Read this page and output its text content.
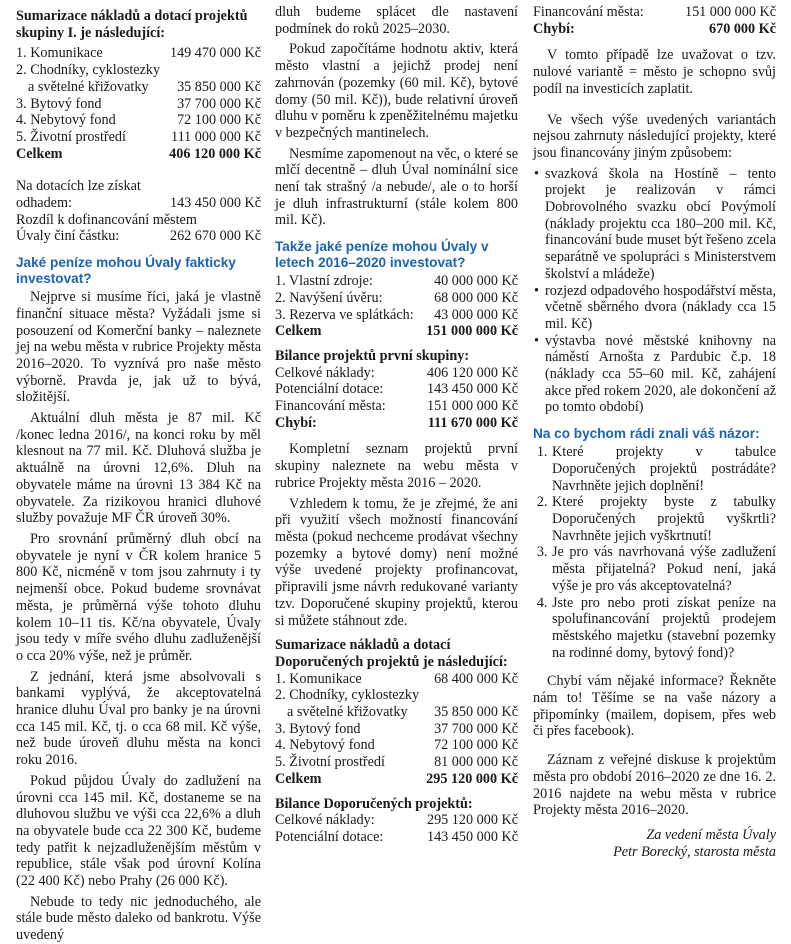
Sumarizace nákladů a dotací projektů skupiny I. je následující:

1. Komunikace	149 470 000 Kč
2. Chodníky, cyklostezky
a světelné křižovatky 35 850 000 Kč
3. Bytový fond	37 700 000 Kč
4. Nebytový fond	72 100 000 Kč
5. Životní prostředí	111 000 000 Kč
Celkem	406 120 000 Kč
Na dotacích lze získat
odhadem:	143 450 000 Kč
Rozdíl k dofinancování městem
Úvaly činí částku:	262 670 000 Kč
Jaké peníze mohou Úvaly fakticky investovat?

Nejprve si musíme říci, jaká je vlastně finanční situace města? Vyžádali jsme si posouzení od Komerční banky – naleznete jej na webu města v rubrice Projekty města 2016–2020. To vyznívá pro naše město výborně. Pravda je, jak už to bývá, složitější.

Aktuální dluh města je 87 mil. Kč /konec ledna 2016/, na konci roku by měl klesnout na 77 mil. Kč. Dluhová služba je aktuálně na úrovni 12,6%. Dluh na obyvatele máme na úrovni 13 384 Kč na obyvatele. Za rizikovou hranici dluhové služby považuje MF ČR úroveň 30%.

Pro srovnání průměrný dluh obcí na obyvatele je nyní v ČR kolem hranice 5 800 Kč, nicméně v tom jsou zahrnuty i ty nejmenší obce. Pokud budeme srovnávat města, je průměrná výše tohoto dluhu kolem 10–11 tis. Kč/na obyvatele, Úvaly jsou tedy v míře svého dluhu zadluženější o cca 20% výše, než je průměr.

Z jednání, která jsme absolvovali s bankami vyplývá, že akceptovatelná hranice dluhu Úval pro banky je na úrovni cca 145 mil. Kč, tj. o cca 68 mil. Kč výše, než bude úroveň dluhu města na konci roku 2016.

Pokud půjdou Úvaly do zadlužení na úrovni cca 145 mil. Kč, dostaneme se na dluhovou službu ve výši cca 22,6% a dluh na obyvatele bude cca 22 300 Kč, budeme tedy patřit k nejzadluženějším městům v republice, stále však pod úrovní Kolína (22 400 Kč) nebo Prahy (26 000 Kč).

Nebude to tedy nic jednoduchého, ale stále bude město daleko od bankrotu. Výše uvedený

dluh budeme splácet dle nastavení podmínek do roků 2025–2030.

Pokud započítáme hodnotu aktiv, která město vlastní a jejichž prodej není zahrnován (pozemky (60 mil. Kč), bytové domy (50 mil. Kč)), bude relativní úroveň dluhu v poměru k zpeněžitelnému majetku v bezpečných mantinelech.

Nesmíme zapomenout na věc, o které se mlčí decentně – dluh Úval nominální sice není tak strašný /a nebude/, ale o to horší je dluh infrastrukturní (stále kolem 800 mil. Kč).

Takže jaké peníze mohou Úvaly v letech 2016–2020 investovat?
1. Vlastní zdroje:	40 000 000 Kč
2. Navýšení úvěru:	68 000 000 Kč
3. Rezerva ve splátkách: 43 000 000 Kč
Celkem	151 000 000 Kč
Bilance projektů první skupiny:
Celkové náklady:	406 120 000 Kč
Potenciální dotace:	143 450 000 Kč
Financování města:	151 000 000 Kč
Chybí:	111 670 000 Kč

Kompletní seznam projektů první skupiny naleznete na webu města v rubrice Projekty města 2016 – 2020.

Vzhledem k tomu, že je zřejmé, že ani při využití všech možností financování města (pokud nechceme prodávat všechny pozemky a bytové domy) není možné výše uvedené projekty profinancovat, připravili jsme návrh redukované varianty tzv. Doporučené skupiny projektů, kterou si můžete stáhnout zde.

Sumarizace nákladů a dotací Doporučených projektů je následující:
1. Komunikace	68 400 000 Kč
2. Chodníky, cyklostezky
a světelné křižovatky 35 850 000 Kč
3. Bytový fond	37 700 000 Kč
4. Nebytový fond	72 100 000 Kč
5. Životní prostředí	81 000 000 Kč
Celkem	295 120 000 Kč
Bilance Doporučených projektů:
Celkové náklady:	295 120 000 Kč
Potenciální dotace:	143 450 000 Kč
Financování města:	151 000 000 Kč
Chybí:	670 000 Kč

V tomto případě lze uvažovat o tzv. nulové variantě = město je schopno svůj podíl na investicích zaplatit.

Ve všech výše uvedených variantách nejsou zahrnuty následující projekty, které jsou financovány jiným způsobem:

• svazková škola na Hostíně – tento projekt je realizován v rámci Dobrovolného svazku obcí Povýmolí (náklady projektu cca 180–200 mil. Kč, financování bude muset být řešeno zcela separátně ve spolupráci s Ministerstvem školství a mládeže)
• rozjezd odpadového hospodářství města, včetně sběrného dvora (náklady cca 15 mil. Kč)
• výstavba nové městské knihovny na náměstí Arnošta z Pardubic č.p. 18 (náklady cca 55–60 mil. Kč, zahájení akce před rokem 2020, ale dokončení až po tomto období)
Na co bychom rádi znali váš názor:
1. Které projekty v tabulce Doporučených projektů postrádáte? Navrhněte jejich doplnění!
2. Které projekty byste z tabulky Doporučených projektů vyškrtli? Navrhněte jejich vyškrtnutí!
3. Je pro vás navrhovaná výše zadlužení města přijatelná? Pokud není, jaká výše je pro vás akceptovatelná?
4. Jste pro nebo proti získat peníze na spolufinancování projektů prodejem městského majetku (stavební pozemky na rodinné domy, bytový fond)?

Chybí vám nějaké informace? Řekněte nám to! Těšíme se na vaše názory a připomínky (mailem, dopisem, přes web či přes facebook).

Záznam z veřejné diskuse k projektům města pro období 2016–2020 ze dne 16. 2. 2016 najdete na webu města v rubrice Projekty města 2016–2020.

Za vedení města Úvaly
Petr Borecký, starosta města
